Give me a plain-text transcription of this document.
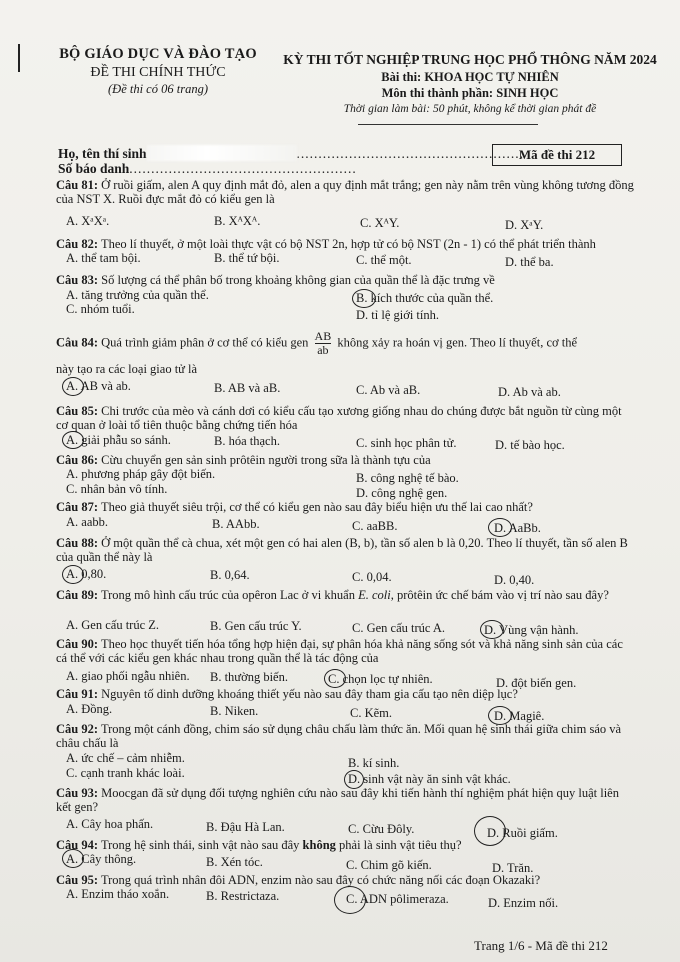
BỘ GIÁO DỤC VÀ ĐÀO TẠO
ĐỀ THI CHÍNH THỨC
(Đề thi có 06 trang)
KỲ THI TỐT NGHIỆP TRUNG HỌC PHỔ THÔNG NĂM 2024
Bài thi: KHOA HỌC TỰ NHIÊN
Môn thi thành phần: SINH HỌC
Thời gian làm bài: 50 phút, không kể thời gian phát đề
Họ, tên thí sinh	....................................................
Số báo danh....................................................
Mã đề thi 212
Câu 81: Ở ruồi giấm, alen A quy định mắt đỏ, alen a quy định mắt trắng; gen này nằm trên vùng không tương đồng của NST X. Ruồi đực mắt đỏ có kiểu gen là
A. XᵃXᵃ.	B. XᴬXᴬ.	C. XᴬY.	D. XᵃY.
Câu 82: Theo lí thuyết, ở một loài thực vật có bộ NST 2n, hợp tử có bộ NST (2n - 1) có thể phát triển thành
A. thể tam bội.	B. thể tứ bội.	C. thể một.	D. thể ba.
Câu 83: Số lượng cá thể phân bố trong khoảng không gian của quần thể là đặc trưng về
A. tăng trưởng của quần thể.	B. kích thước của quần thể.
C. nhóm tuổi.	D. tỉ lệ giới tính.
Câu 84: Quá trình giảm phân ở cơ thể có kiểu gen $\frac{AB}{ab}$ không xảy ra hoán vị gen. Theo lí thuyết, cơ thể
này tạo ra các loại giao tử là
A. AB và ab.	B. AB và aB.	C. Ab và aB.	D. Ab và ab.
Câu 85: Chi trước của mèo và cánh dơi có kiểu cấu tạo xương giống nhau do chúng được bắt nguồn từ cùng một cơ quan ở loài tổ tiên thuộc bằng chứng tiến hóa
A. giải phẫu so sánh.	B. hóa thạch.	C. sinh học phân tử.	D. tế bào học.
Câu 86: Cừu chuyển gen sản sinh prôtêin người trong sữa là thành tựu của
A. phương pháp gây đột biến.	B. công nghệ tế bào.
C. nhân bản vô tính.	D. công nghệ gen.
Câu 87: Theo giả thuyết siêu trội, cơ thể có kiểu gen nào sau đây biểu hiện ưu thế lai cao nhất?
A. aabb.	B. AAbb.	C. aaBB.	D. AaBb.
Câu 88: Ở một quần thể cà chua, xét một gen có hai alen (B, b), tần số alen b là 0,20. Theo lí thuyết, tần số alen B của quần thể này là
A. 0,80.	B. 0,64.	C. 0,04.	D. 0,40.
Câu 89: Trong mô hình cấu trúc của opêron Lac ở vi khuẩn E. coli, prôtêin ức chế bám vào vị trí nào sau đây?
A. Gen cấu trúc Z.	B. Gen cấu trúc Y.	C. Gen cấu trúc A.	D. Vùng vận hành.
Câu 90: Theo học thuyết tiến hóa tổng hợp hiện đại, sự phân hóa khả năng sống sót và khả năng sinh sản của các cá thể với các kiểu gen khác nhau trong quần thể là tác động của
A. giao phối ngẫu nhiên. B. thường biến.	C. chọn lọc tự nhiên.	D. đột biến gen.
Câu 91: Nguyên tố dinh dưỡng khoáng thiết yếu nào sau đây tham gia cấu tạo nên diệp lục?
A. Đồng.	B. Niken.	C. Kẽm.	D. Magiê.
Câu 92: Trong một cánh đồng, chim sáo sử dụng châu chấu làm thức ăn. Mối quan hệ sinh thái giữa chim sáo và châu chấu là
A. ức chế – cảm nhiễm.	B. kí sinh.
C. cạnh tranh khác loài.	D. sinh vật này ăn sinh vật khác.
Câu 93: Moocgan đã sử dụng đối tượng nghiên cứu nào sau đây khi tiến hành thí nghiệm phát hiện quy luật liên kết gen?
A. Cây hoa phấn.	B. Đậu Hà Lan.	C. Cừu Đôly.	D. Ruồi giấm.
Câu 94: Trong hệ sinh thái, sinh vật nào sau đây không phải là sinh vật tiêu thụ?
A. Cây thông.	B. Xén tóc.	C. Chim gõ kiến.	D. Trăn.
Câu 95: Trong quá trình nhân đôi ADN, enzim nào sau đây có chức năng nối các đoạn Okazaki?
A. Enzim tháo xoắn.	B. Restrictaza.	C. ADN pôlimeraza.	D. Enzim nối.
Trang 1/6 - Mã đề thi 212
